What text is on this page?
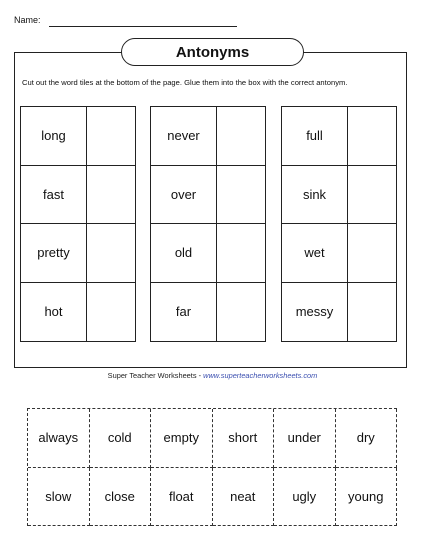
Name:
Antonyms
Cut out the word tiles at the bottom of the page. Glue them into the box with the correct antonym.
long
fast
pretty
hot
never
over
old
far
full
sink
wet
messy
Super Teacher Worksheets - www.superteacherworksheets.com
always	cold	empty	short	under	dry
slow	close	float	neat	ugly	young
